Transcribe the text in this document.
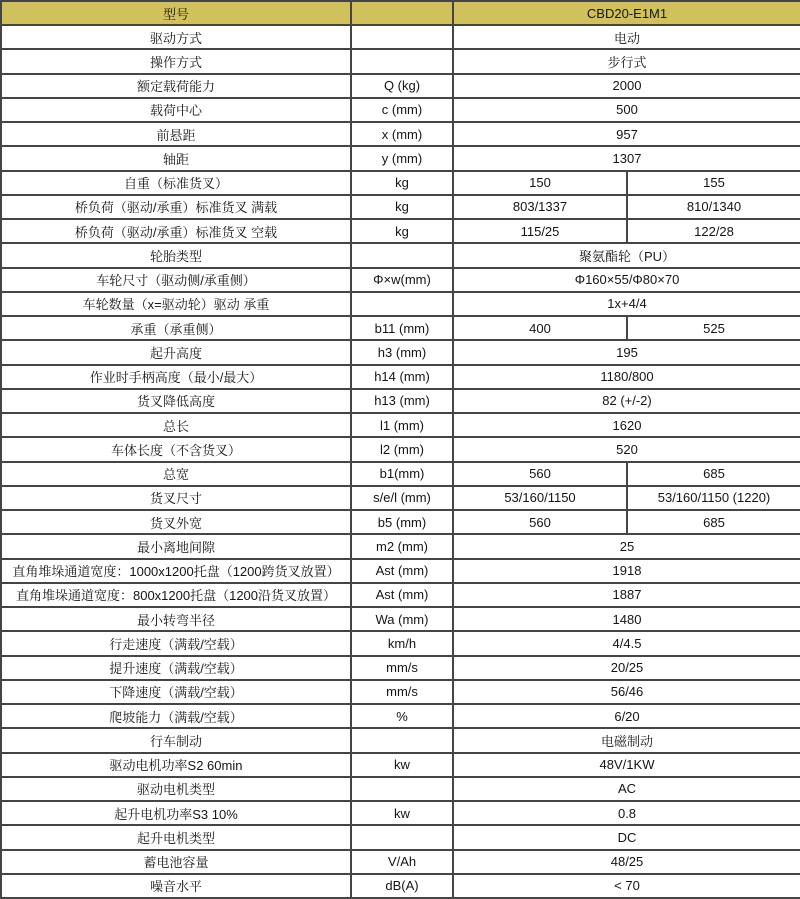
型号		CBD20-E1M1	
驱动方式		电动	
操作方式		步行式	
额定载荷能力	Q (kg)	2000	
载荷中心	c (mm)	500	
前悬距	x (mm)	957	
轴距	y (mm)	1307	
自重（标准货叉）	kg	150	155
桥负荷（驱动/承重）标准货叉 满载	kg	803/1337	810/1340
桥负荷（驱动/承重）标准货叉 空载	kg	115/25	122/28
轮胎类型		聚氨酯轮（PU）	
车轮尺寸（驱动侧/承重侧）	Φ×w(mm)	Φ160×55/Φ80×70	
车轮数量（x=驱动轮）驱动 承重		1x+4/4	
承重（承重侧）	b11 (mm)	400	525
起升高度	h3 (mm)	195	
作业时手柄高度（最小/最大）	h14 (mm)	1180/800	
货叉降低高度	h13 (mm)	82 (+/-2)	
总长	l1 (mm)	1620	
车体长度（不含货叉）	l2 (mm)	520	
总宽	b1(mm)	560	685
货叉尺寸	s/e/l (mm)	53/160/1150	53/160/1150 (1220)
货叉外宽	b5 (mm)	560	685
最小离地间隙	m2 (mm)	25	
直角堆垛通道宽度：1000x1200托盘（1200跨货叉放置）	Ast (mm)	1918	
直角堆垛通道宽度：800x1200托盘（1200沿货叉放置）	Ast (mm)	1887	
最小转弯半径	Wa (mm)	1480	
行走速度（满载/空载）	km/h	4/4.5	
提升速度（满载/空载）	mm/s	20/25	
下降速度（满载/空载）	mm/s	56/46	
爬坡能力（满载/空载）	%	6/20	
行车制动		电磁制动	
驱动电机功率S2 60min	kw	48V/1KW	
驱动电机类型		AC	
起升电机功率S3 10%	kw	0.8	
起升电机类型		DC	
蓄电池容量	V/Ah	48/25	
噪音水平	dB(A)	< 70	
